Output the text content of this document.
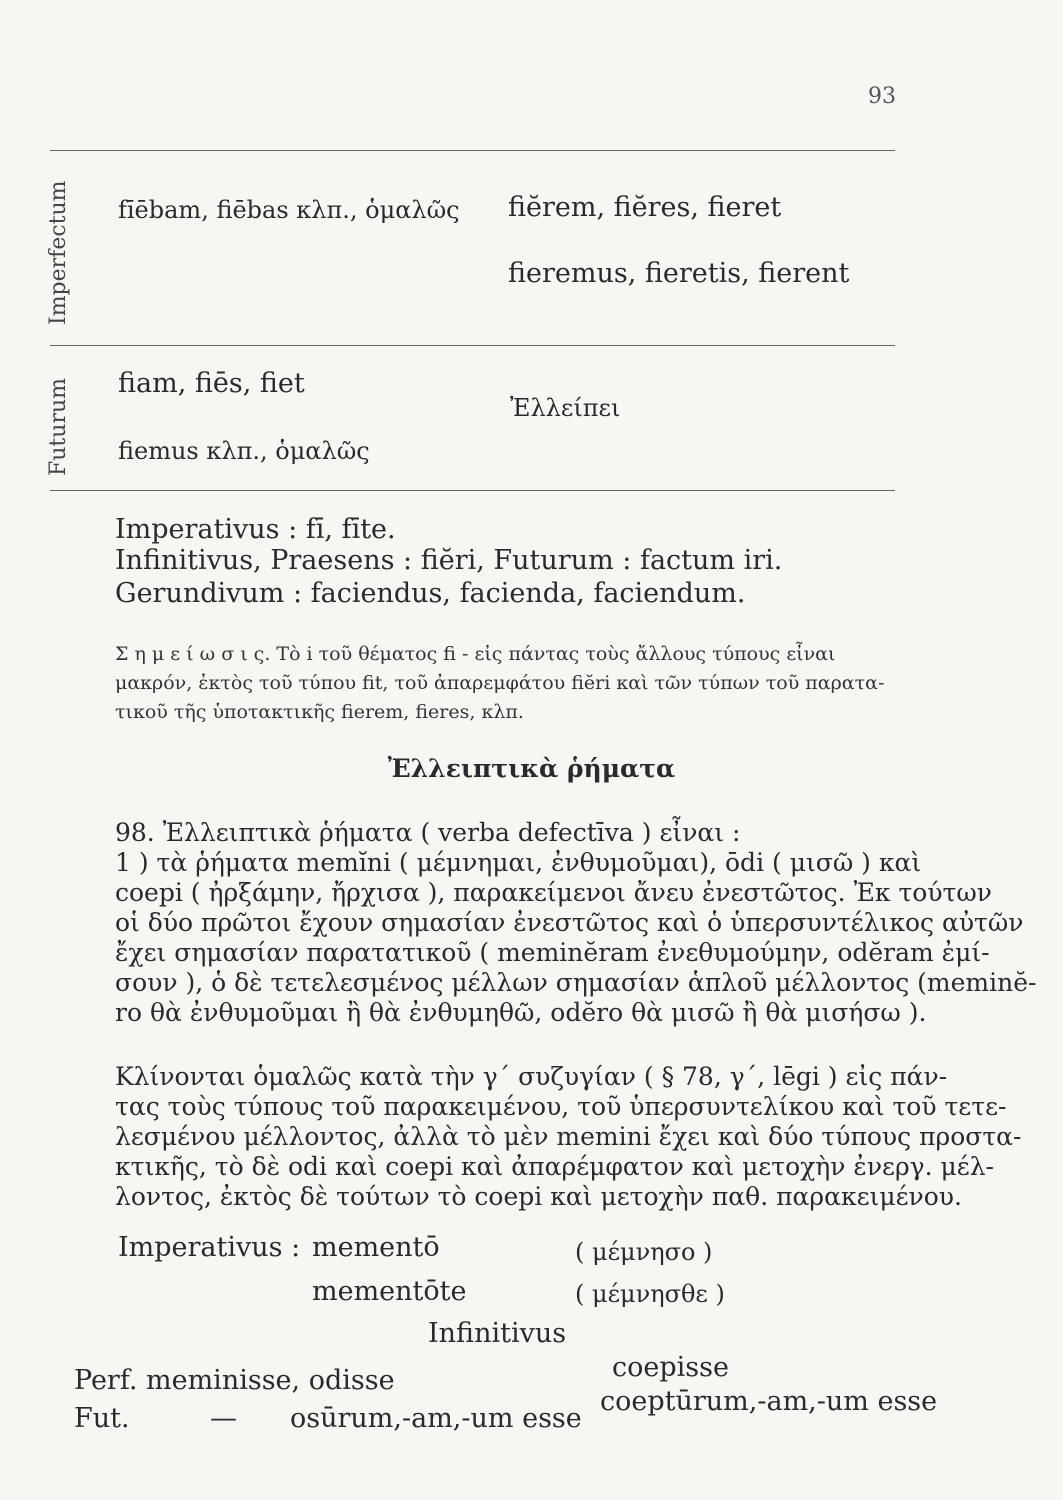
93
Imperfectum
Futurum
fīēbam, fiēbas κλπ., ὁμαλῶς fiĕrem, fiĕres, fieret
fieremus, fieretis, fierent
fiam, fiēs, fiet
fiemus κλπ., ὁμαλῶς
Ἐλλείπει
Imperativus : fī, fīte.
Infinitivus, Praesens : fiĕri, Futurum : factum iri.
Gerundivum : faciendus, facienda, faciendum.
Σ η μ ε ί ω σ ι ς. Τὸ i τοῦ θέματος fi - εἰς πάντας τοὺς ἄλλους τύπους εἶναι
μακρόν, ἐκτὸς τοῦ τύπου fit, τοῦ ἀπαρεμφάτου fiĕri καὶ τῶν τύπων τοῦ παρατα-
τικοῦ τῆς ὑποτακτικῆς fierem, fieres, κλπ.
Ἐλλειπτικὰ ῥήματα
98. Ἐλλειπτικὰ ῥήματα ( verba defectīva ) εἶναι :
1 ) τὰ ῥήματα memĭni ( μέμνημαι, ἐνθυμοῦμαι), ōdi ( μισῶ ) καὶ
coepi ( ἠρξάμην, ἤρχισα ), παρακείμενοι ἄνευ ἐνεστῶτος. Ἐκ τούτων
οἱ δύο πρῶτοι ἔχουν σημασίαν ἐνεστῶτος καὶ ὁ ὑπερσυντέλικος αὐτῶν
ἔχει σημασίαν παρατατικοῦ ( meminĕram ἐνεθυμούμην, odĕram ἐμί-
σουν ), ὁ δὲ τετελεσμένος μέλλων σημασίαν ἁπλοῦ μέλλοντος (meminĕ-
ro θὰ ἐνθυμοῦμαι ἢ θὰ ἐνθυμηθῶ, odĕro θὰ μισῶ ἢ θὰ μισήσω ).
Κλίνονται ὁμαλῶς κατὰ τὴν γ΄ συζυγίαν ( § 78, γ΄, lēgi ) εἰς πάν-
τας τοὺς τύπους τοῦ παρακειμένου, τοῦ ὑπερσυντελίκου καὶ τοῦ τετε-
λεσμένου μέλλοντος, ἀλλὰ τὸ μὲν memini ἔχει καὶ δύο τύπους προστα-
κτικῆς, τὸ δὲ odi καὶ coepi καὶ ἀπαρέμφατον καὶ μετοχὴν ἐνεργ. μέλ-
λοντος, ἐκτὸς δὲ τούτων τὸ coepi καὶ μετοχὴν παθ. παρακειμένου.
Imperativus : mementō
mementōte
( μέμνησο )
( μέμνησθε )
Infinitivus
Perf. meminisse, odisse	coepisse
Fut.	— osūrum,-am,-um esse
coeptūrum,-am,-um esse
